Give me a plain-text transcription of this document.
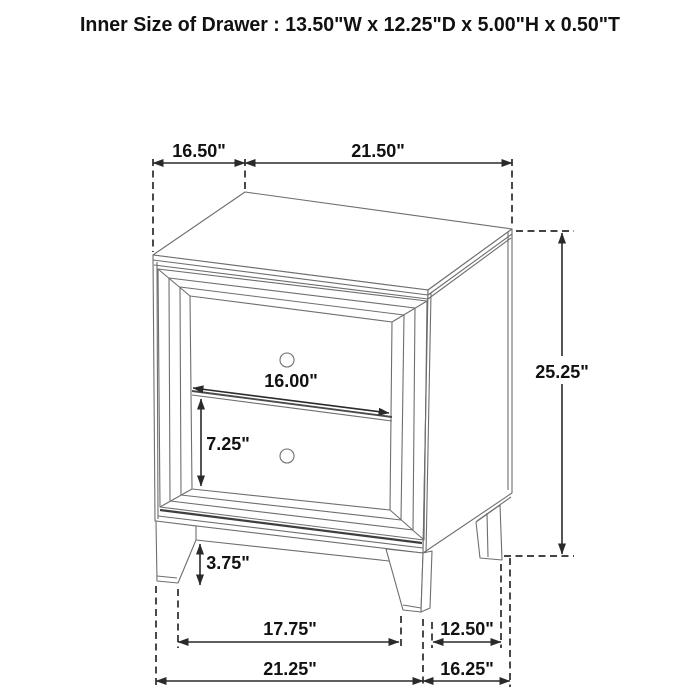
Inner Size of Drawer : 13.50"W x 12.25"D x 5.00"H x 0.50"T
16.50"	21.50"
25.25"
16.00"
7.25"
3.75"
17.75"	12.50"
21.25"	16.25"
